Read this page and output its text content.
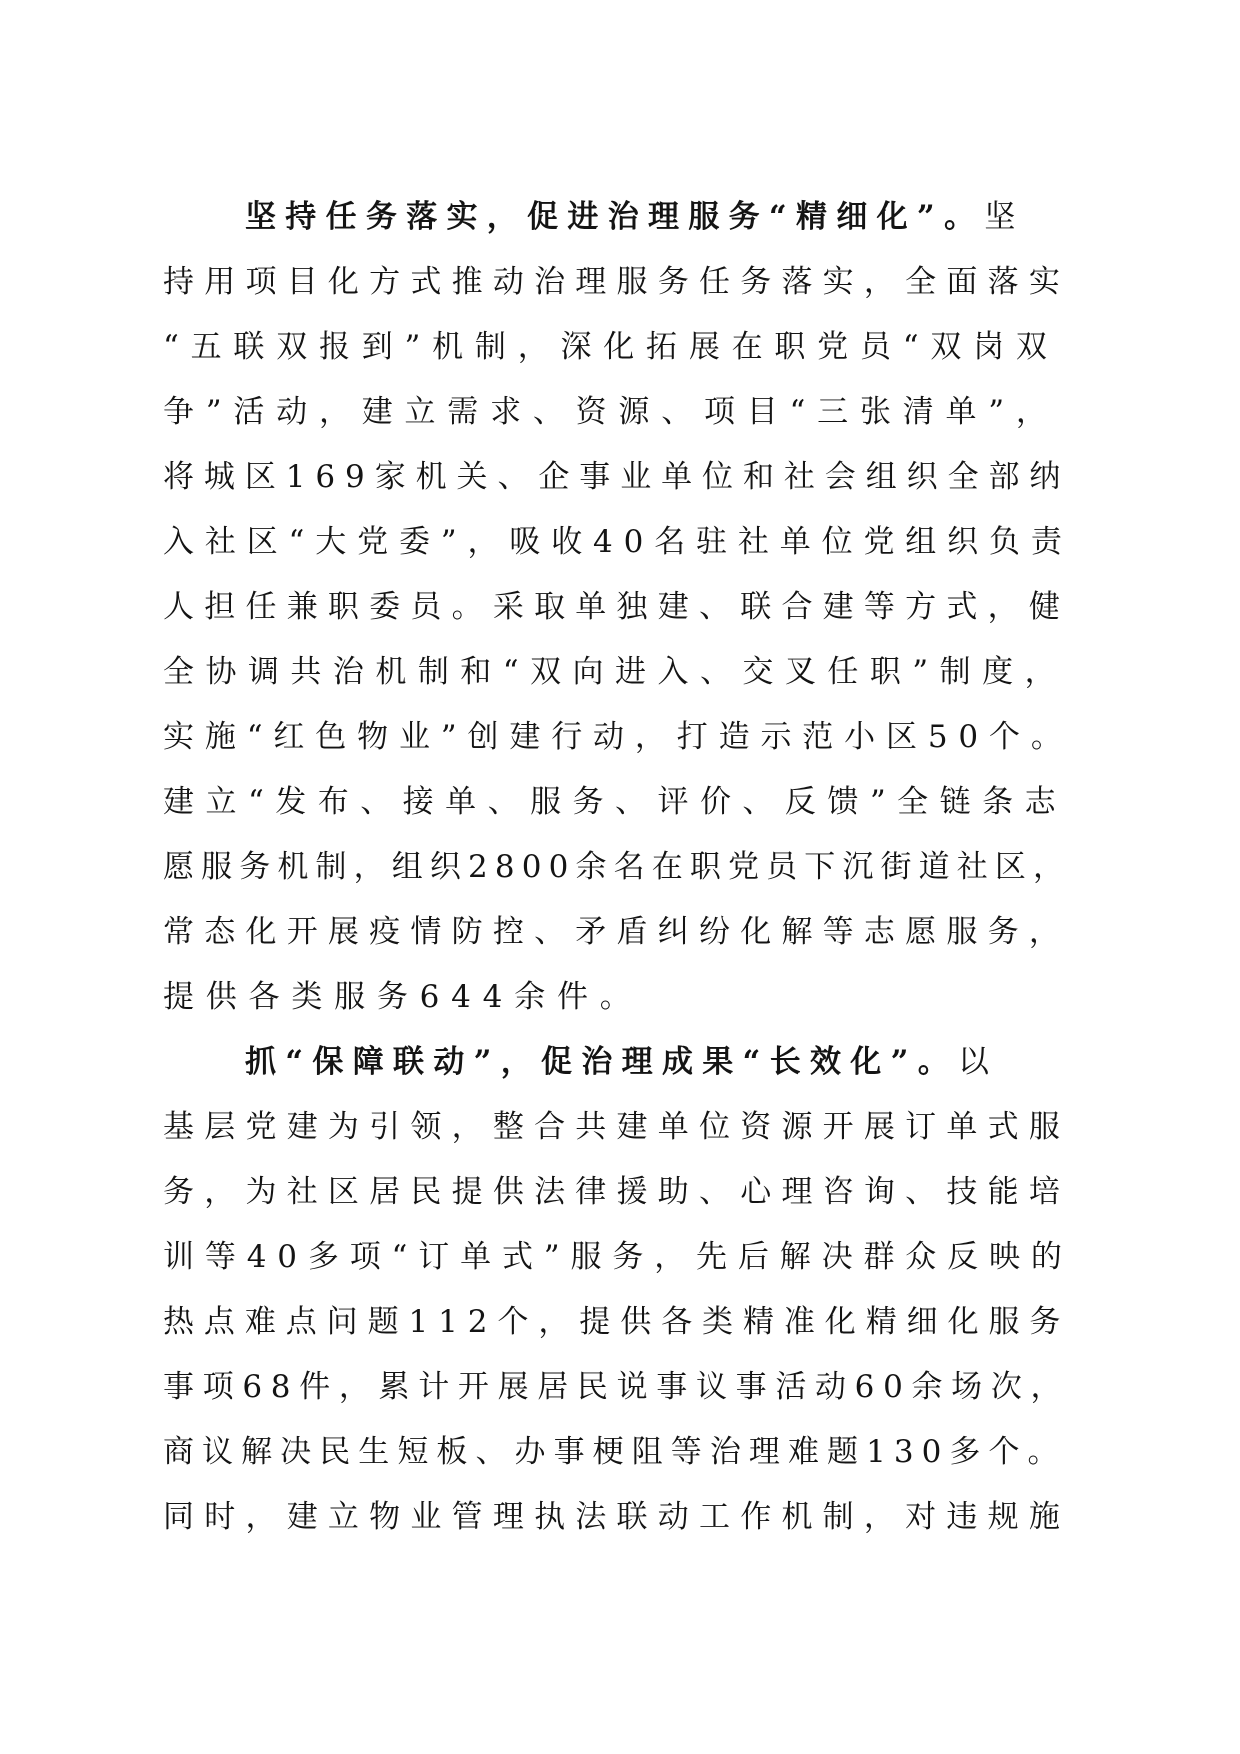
坚持任务落实，促进治理服务“精细化”。坚
持用项目化方式推动治理服务任务落实，全面落实
“五联双报到”机制，深化拓展在职党员“双岗双
争”活动，建立需求、资源、项目“三张清单”，
将城区169家机关、企事业单位和社会组织全部纳
入社区“大党委”，吸收40名驻社单位党组织负责
人担任兼职委员。采取单独建、联合建等方式，健
全协调共治机制和“双向进入、交叉任职”制度，
实施“红色物业”创建行动，打造示范小区50个。
建立“发布、接单、服务、评价、反馈”全链条志
愿服务机制，组织2800余名在职党员下沉街道社区，
常态化开展疫情防控、矛盾纠纷化解等志愿服务，
提供各类服务644余件。
抓“保障联动”，促治理成果“长效化”。以
基层党建为引领，整合共建单位资源开展订单式服
务，为社区居民提供法律援助、心理咨询、技能培
训等40多项“订单式”服务，先后解决群众反映的
热点难点问题112个，提供各类精准化精细化服务
事项68件，累计开展居民说事议事活动60余场次，
商议解决民生短板、办事梗阻等治理难题130多个。
同时，建立物业管理执法联动工作机制，对违规施
